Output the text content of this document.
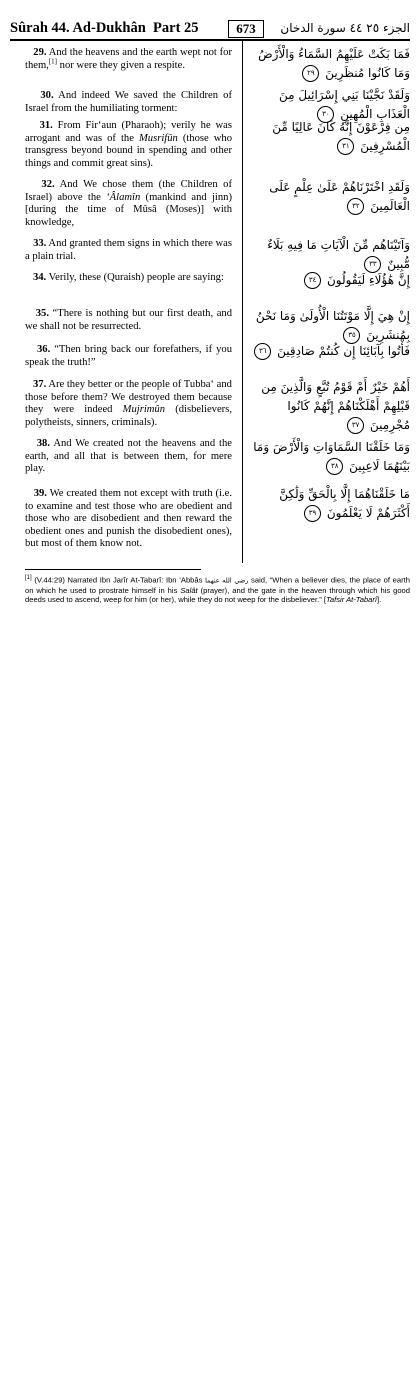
Sûrah 44. Ad-Dukhân Part 25	673	الجزء ٢٥ ٤٤ سورة الدخان
29. And the heavens and the earth wept not for them,[1] nor were they given a respite.
فَمَا بَكَتْ عَلَيْهِمُ السَّمَاءُ وَالْأَرْضُ وَمَا كَانُوا مُنظَرِينَ ٢٩
30. And indeed We saved the Children of Israel from the humiliating torment:
وَلَقَدْ نَجَّيْنَا بَنِي إِسْرَائِيلَ مِنَ الْعَذَابِ الْمُهِينِ ٣٠
31. From Fir‘aun (Pharaoh); verily he was arrogant and was of the Musrifûn (those who transgress beyond bound in spending and other things and commit great sins).
مِن فِرْعَوْنَ إِنَّهُ كَانَ عَالِيًا مِّنَ الْمُسْرِفِينَ ٣١
32. And We chose them (the Children of Israel) above the ‘Âlamîn (mankind and jinn) [during the time of Mûsâ (Moses)] with knowledge,
وَلَقَدِ اخْتَرْنَاهُمْ عَلَىٰ عِلْمٍ عَلَى الْعَالَمِينَ ٣٢
33. And granted them signs in which there was a plain trial.
وَآتَيْنَاهُم مِّنَ الْآيَاتِ مَا فِيهِ بَلَاءٌ مُّبِينٌ ٣٣
34. Verily, these (Quraish) people are saying:	إِنَّ هَٰؤُلَاءِ لَيَقُولُونَ ٣٤
35. “There is nothing but our first death, and we shall not be resurrected.
إِنْ هِيَ إِلَّا مَوْتَتُنَا الْأُولَىٰ وَمَا نَحْنُ بِمُنشَرِينَ ٣٥
36. “Then bring back our forefathers, if you speak the truth!”
فَأْتُوا بِآبَائِنَا إِن كُنتُمْ صَادِقِينَ ٣٦
37. Are they better or the people of Tubba‘ and those before them? We destroyed them because they were indeed Mujrimûn (disbelievers, polytheists, sinners, criminals).
أَهُمْ خَيْرٌ أَمْ قَوْمُ تُبَّعٍ وَالَّذِينَ مِن قَبْلِهِمْ أَهْلَكْنَاهُمْ إِنَّهُمْ كَانُوا مُجْرِمِينَ ٣٧
38. And We created not the heavens and the earth, and all that is between them, for mere play.
وَمَا خَلَقْنَا السَّمَاوَاتِ وَالْأَرْضَ وَمَا بَيْنَهُمَا لَاعِبِينَ ٣٨
39. We created them not except with truth (i.e. to examine and test those who are obedient and those who are disobedient and then reward the obedient ones and punish the disobedient ones), but most of them know not.
مَا خَلَقْنَاهُمَا إِلَّا بِالْحَقِّ وَلَٰكِنَّ أَكْثَرَهُمْ لَا يَعْلَمُونَ ٣٩
[1] (V.44:29) Narrated Ibn Jarîr At-Tabarî: Ibn ‘Abbâs رضي الله عنهما said, “When a believer dies, the place of earth on which he used to prostrate himself in his Salât (prayer), and the gate in the heaven through which his good deeds used to ascend, weep for him (or her), while they do not weep for the disbeliever.” [Tafsir At-Tabarî].
